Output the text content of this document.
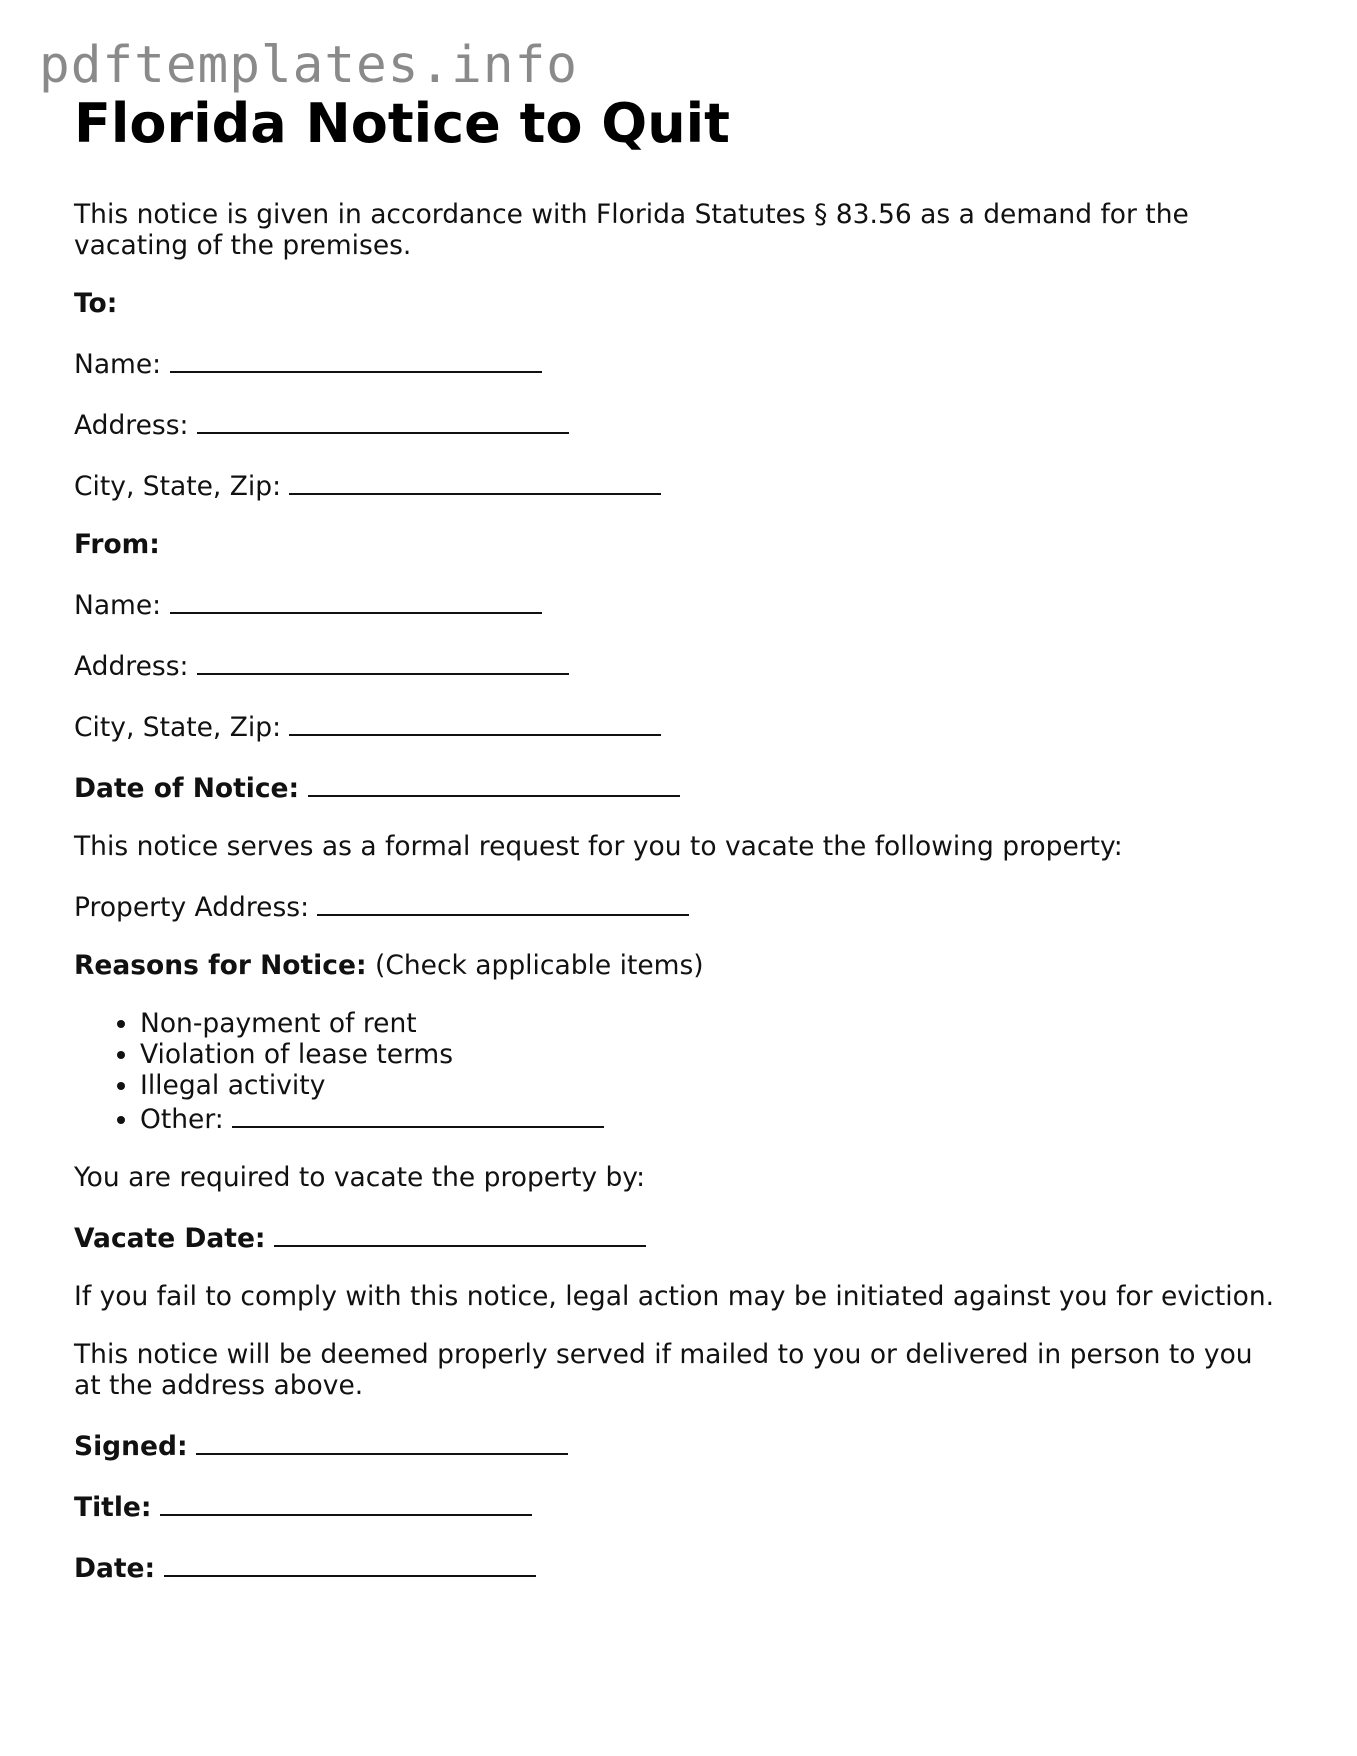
pdftemplates.info
Florida Notice to Quit

This notice is given in accordance with Florida Statutes § 83.56 as a demand for the vacating of the premises.

To:

Name:

Address:

City, State, Zip:

From:

Name:

Address:

City, State, Zip:

Date of Notice:

This notice serves as a formal request for you to vacate the following property:

Property Address:

Reasons for Notice: (Check applicable items)

• Non-payment of rent
• Violation of lease terms
• Illegal activity
• Other:

You are required to vacate the property by:

Vacate Date:

If you fail to comply with this notice, legal action may be initiated against you for eviction.

This notice will be deemed properly served if mailed to you or delivered in person to you at the address above.

Signed:

Title:

Date:
